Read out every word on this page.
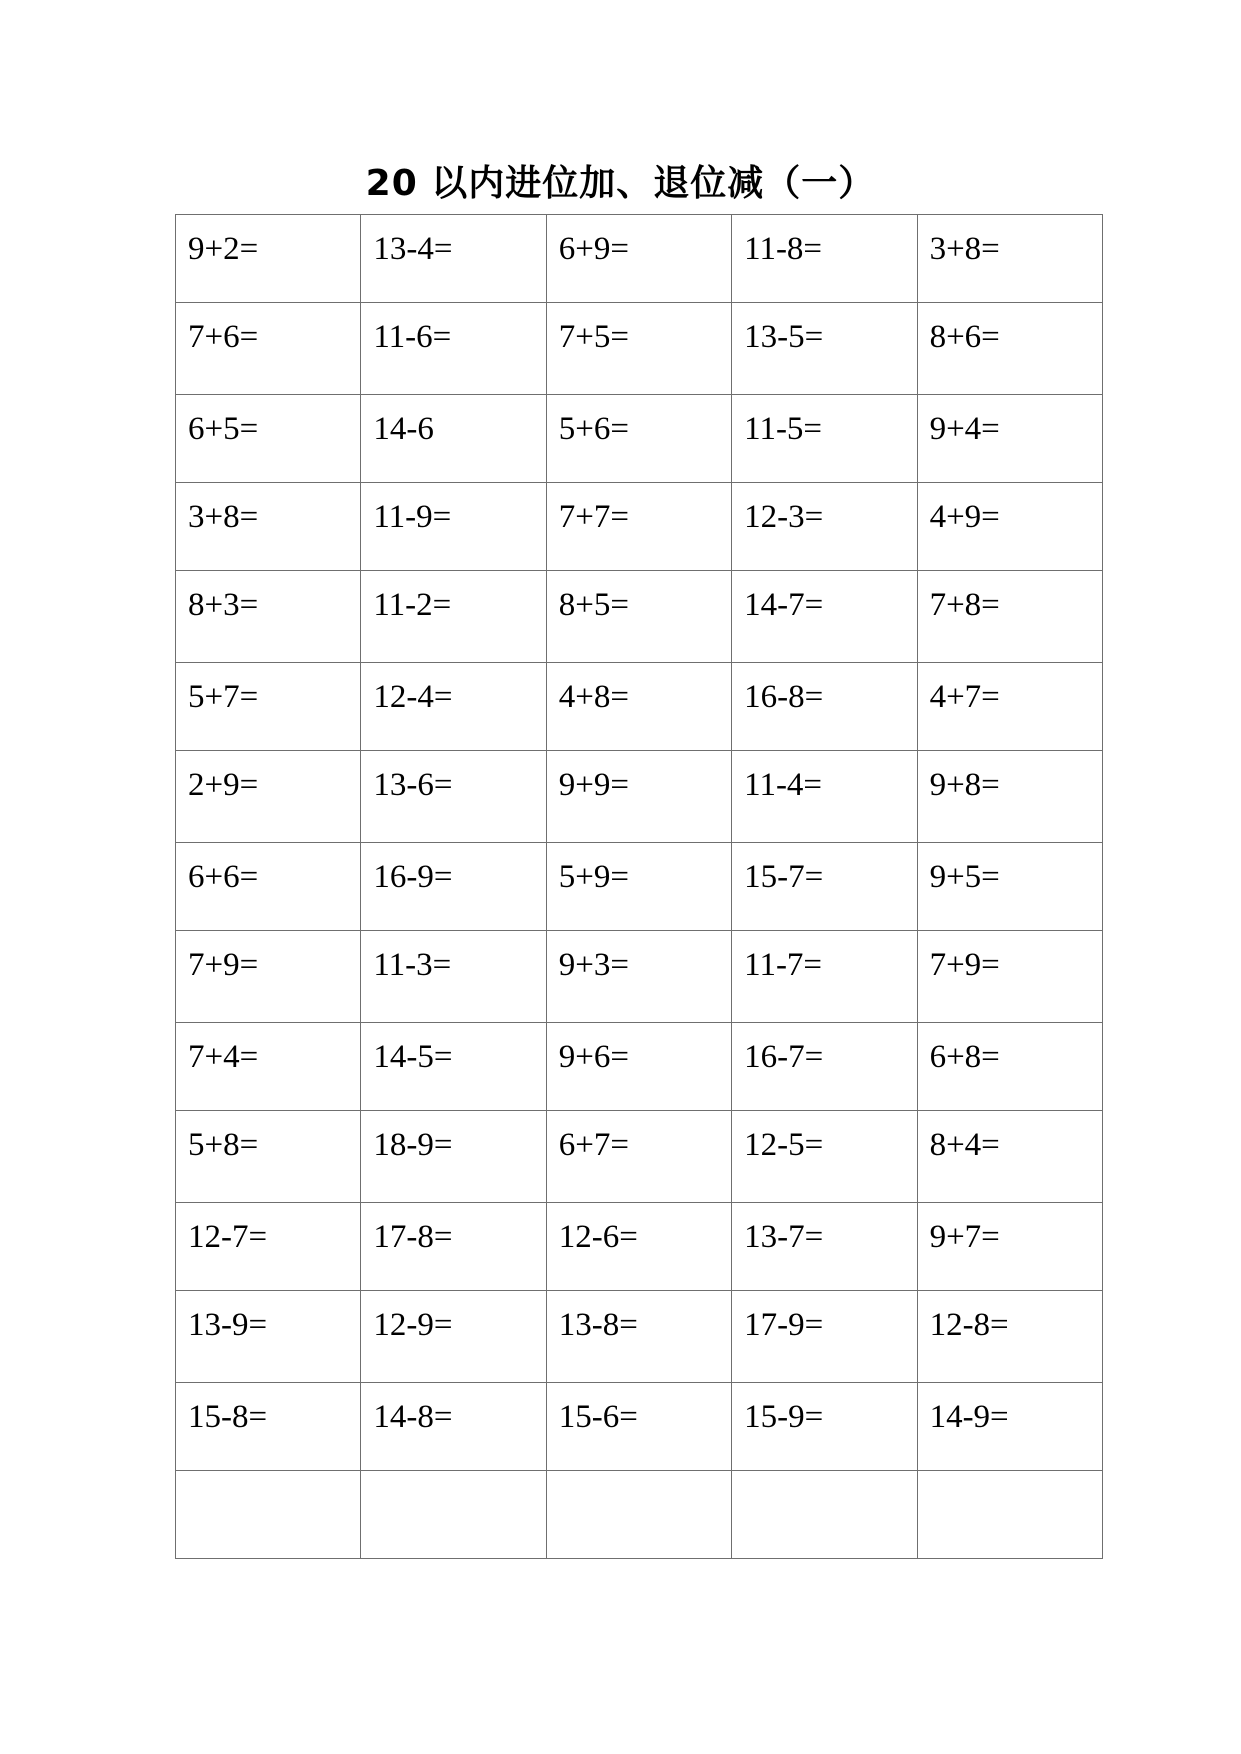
20 以内进位加、退位减（一）
9+2=	13-4=	6+9=	11-8=	3+8=
7+6=	11-6=	7+5=	13-5=	8+6=
6+5=	14-6	5+6=	11-5=	9+4=
3+8=	11-9=	7+7=	12-3=	4+9=
8+3=	11-2=	8+5=	14-7=	7+8=
5+7=	12-4=	4+8=	16-8=	4+7=
2+9=	13-6=	9+9=	11-4=	9+8=
6+6=	16-9=	5+9=	15-7=	9+5=
7+9=	11-3=	9+3=	11-7=	7+9=
7+4=	14-5=	9+6=	16-7=	6+8=
5+8=	18-9=	6+7=	12-5=	8+4=
12-7=	17-8=	12-6=	13-7=	9+7=
13-9=	12-9=	13-8=	17-9=	12-8=
15-8=	14-8=	15-6=	15-9=	14-9=
